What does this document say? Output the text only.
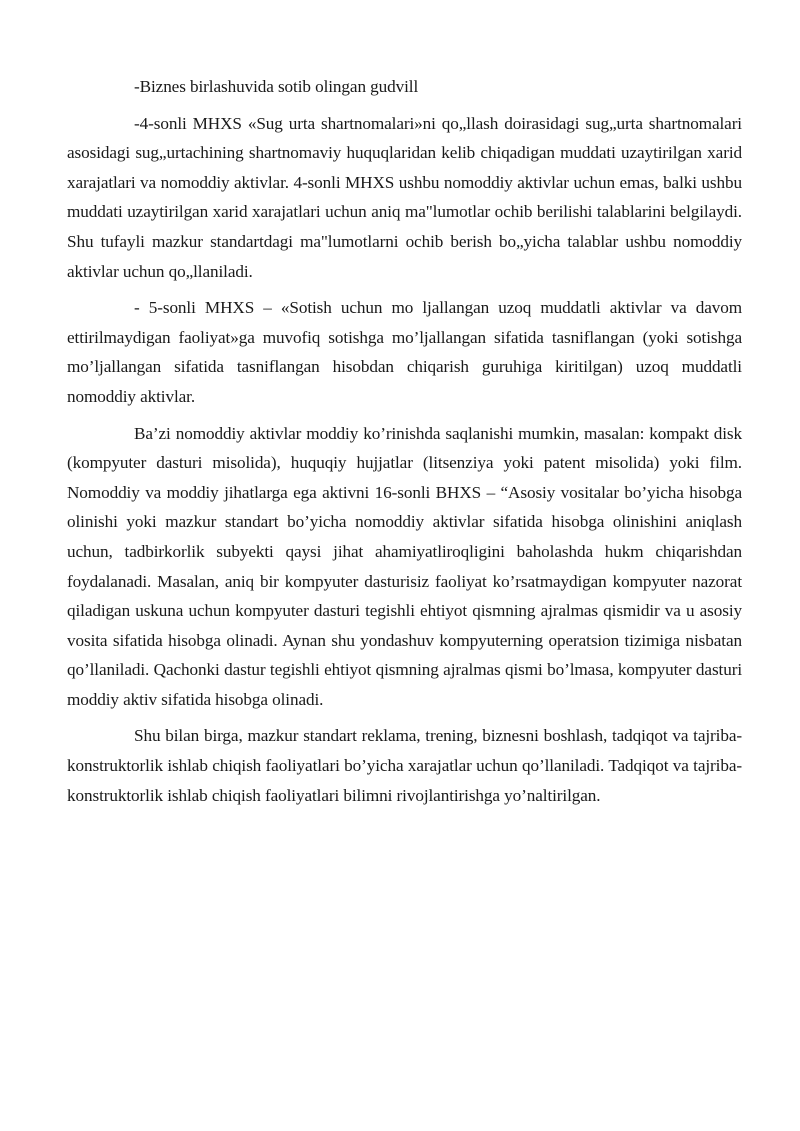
-Biznes birlashuvida sotib olingan gudvill

-4-sonli MHXS «Sug urta shartnomalari»ni qo„llash doirasidagi sug„urta shartnomalari asosidagi sug„urtachining shartnomaviy huquqlaridan kelib chiqadigan muddati uzaytirilgan xarid xarajatlari va nomoddiy aktivlar. 4-sonli MHXS ushbu nomoddiy aktivlar uchun emas, balki ushbu muddati uzaytirilgan xarid xarajatlari uchun aniq ma"lumotlar ochib berilishi talablarini belgilaydi. Shu tufayli mazkur standartdagi ma"lumotlarni ochib berish bo„yicha talablar ushbu nomoddiy aktivlar uchun qo„llaniladi.

- 5-sonli MHXS – «Sotish uchun mo ljallangan uzoq muddatli aktivlar va davom ettirilmaydigan faoliyat»ga muvofiq sotishga mo’ljallangan sifatida tasniflangan (yoki sotishga mo’ljallangan sifatida tasniflangan hisobdan chiqarish guruhiga kiritilgan) uzoq muddatli nomoddiy aktivlar.

Ba’zi nomoddiy aktivlar moddiy ko’rinishda saqlanishi mumkin, masalan: kompakt disk (kompyuter dasturi misolida), huquqiy hujjatlar (litsenziya yoki patent misolida) yoki film. Nomoddiy va moddiy jihatlarga ega aktivni 16-sonli BHXS – “Asosiy vositalar bo’yicha hisobga olinishi yoki mazkur standart bo’yicha nomoddiy aktivlar sifatida hisobga olinishini aniqlash uchun, tadbirkorlik subyekti qaysi jihat ahamiyatliroqligini baholashda hukm chiqarishdan foydalanadi. Masalan, aniq bir kompyuter dasturisiz faoliyat ko’rsatmaydigan kompyuter nazorat qiladigan uskuna uchun kompyuter dasturi tegishli ehtiyot qismning ajralmas qismidir va u asosiy vosita sifatida hisobga olinadi. Aynan shu yondashuv kompyuterning operatsion tizimiga nisbatan qo’llaniladi. Qachonki dastur tegishli ehtiyot qismning ajralmas qismi bo’lmasa, kompyuter dasturi moddiy aktiv sifatida hisobga olinadi.

Shu bilan birga, mazkur standart reklama, trening, biznesni boshlash, tadqiqot va tajriba-konstruktorlik ishlab chiqish faoliyatlari bo’yicha xarajatlar uchun qo’llaniladi. Tadqiqot va tajriba-konstruktorlik ishlab chiqish faoliyatlari bilimni rivojlantirishga yo’naltirilgan.
